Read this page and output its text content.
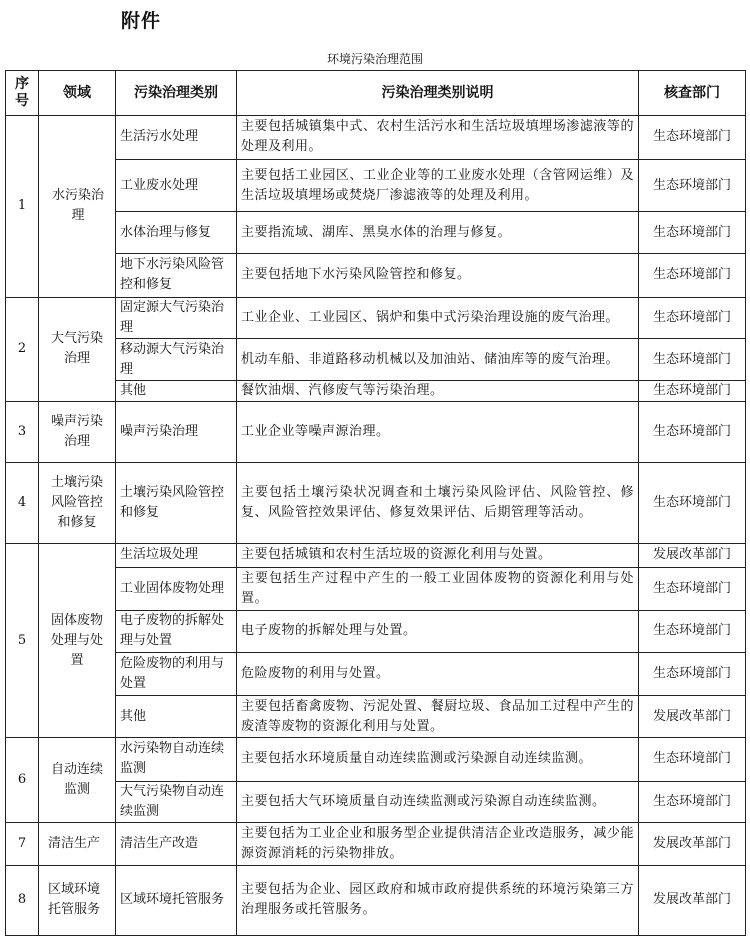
附件
环境污染治理范围
序号	领域	污染治理类别	污染治理类别说明	核查部门
1	水污染治理	生活污水处理	主要包括城镇集中式、农村生活污水和生活垃圾填埋场渗滤液等的处理及利用。	生态环境部门
		工业废水处理	主要包括工业园区、工业企业等的工业废水处理（含管网运维）及生活垃圾填埋场或焚烧厂渗滤液等的处理及利用。	生态环境部门
		水体治理与修复	主要指流域、湖库、黑臭水体的治理与修复。	生态环境部门
		地下水污染风险管控和修复	主要包括地下水污染风险管控和修复。	生态环境部门
2	大气污染治理	固定源大气污染治理	工业企业、工业园区、锅炉和集中式污染治理设施的废气治理。	生态环境部门
		移动源大气污染治理	机动车船、非道路移动机械以及加油站、储油库等的废气治理。	生态环境部门
		其他	餐饮油烟、汽修废气等污染治理。	生态环境部门
3	噪声污染治理	噪声污染治理	工业企业等噪声源治理。	生态环境部门
4	土壤污染风险管控和修复	土壤污染风险管控和修复	主要包括土壤污染状况调查和土壤污染风险评估、风险管控、修复、风险管控效果评估、修复效果评估、后期管理等活动。	生态环境部门
5	固体废物处理与处置	生活垃圾处理	主要包括城镇和农村生活垃圾的资源化利用与处置。	发展改革部门
		工业固体废物处理	主要包括生产过程中产生的一般工业固体废物的资源化利用与处置。	生态环境部门
		电子废物的拆解处理与处置	电子废物的拆解处理与处置。	生态环境部门
		危险废物的利用与处置	危险废物的利用与处置。	生态环境部门
		其他	主要包括畜禽废物、污泥处置、餐厨垃圾、食品加工过程中产生的废渣等废物的资源化利用与处置。	发展改革部门
6	自动连续监测	水污染物自动连续监测	主要包括水环境质量自动连续监测或污染源自动连续监测。	生态环境部门
		大气污染物自动连续监测	主要包括大气环境质量自动连续监测或污染源自动连续监测。	生态环境部门
7	清洁生产	清洁生产改造	主要包括为工业企业和服务型企业提供清洁企业改造服务，减少能源资源消耗的污染物排放。	发展改革部门
8	区域环境托管服务	区域环境托管服务	主要包括为企业、园区政府和城市政府提供系统的环境污染第三方治理服务或托管服务。	发展改革部门
